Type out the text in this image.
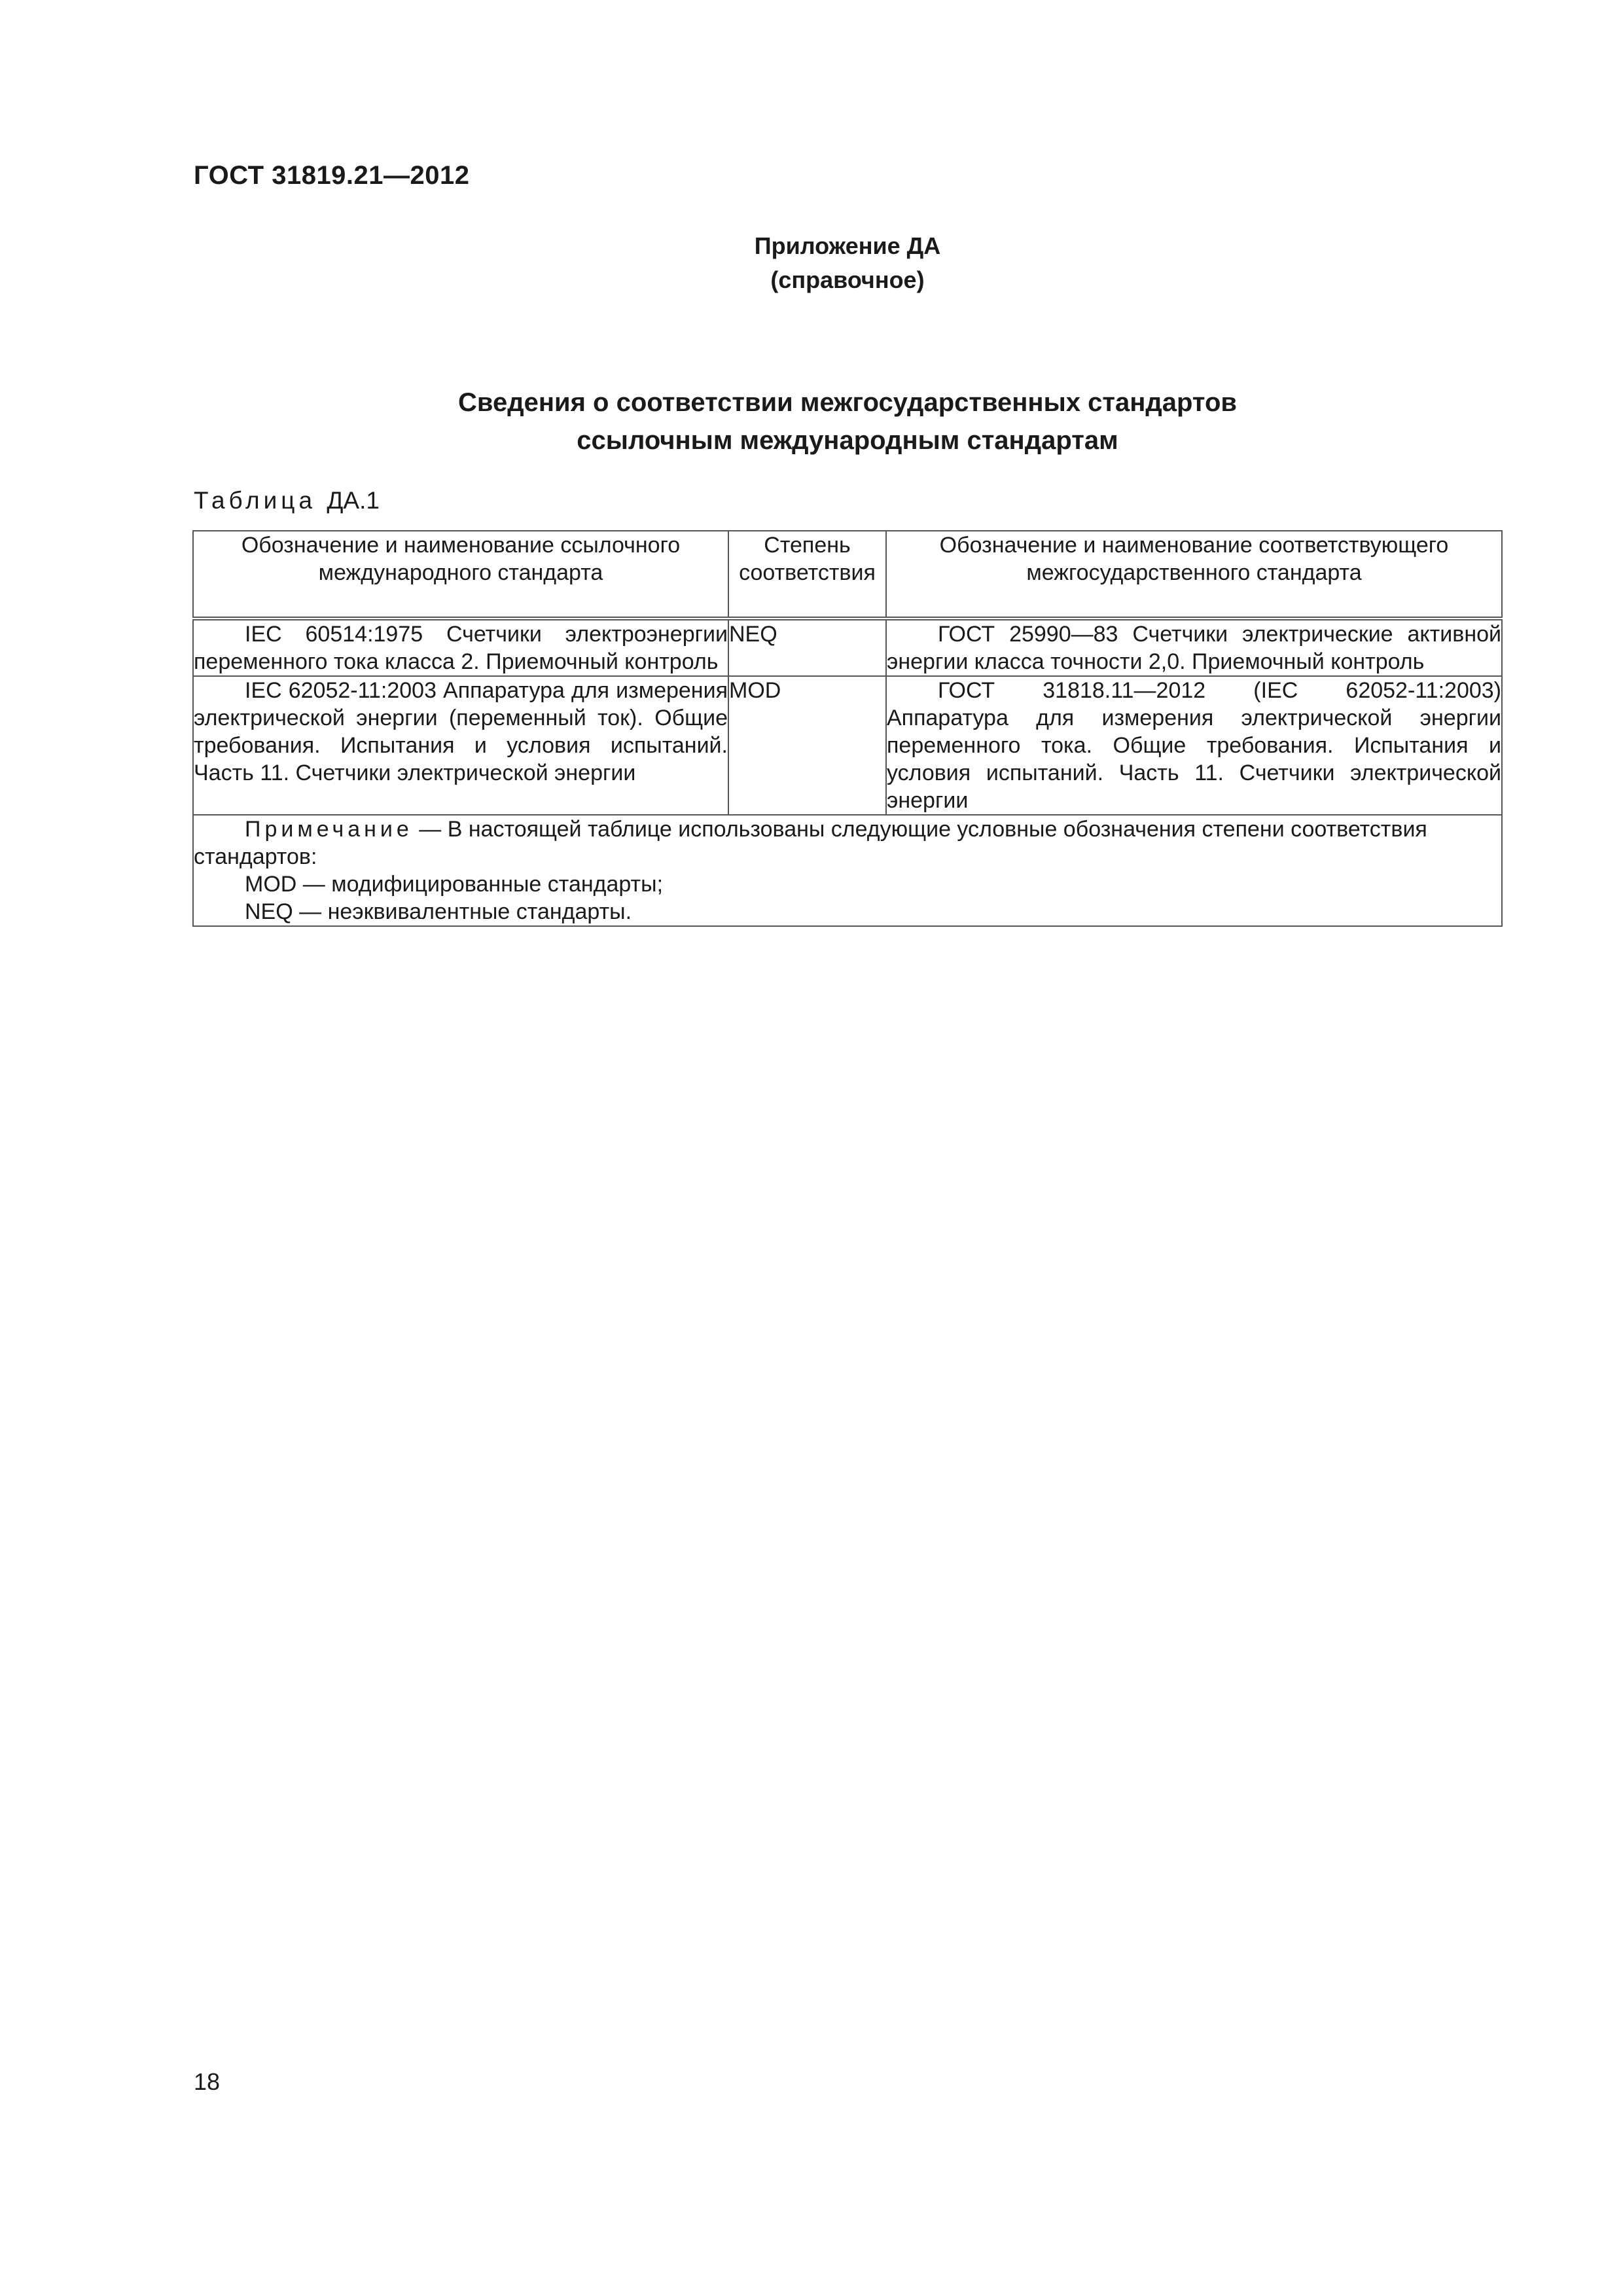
ГОСТ 31819.21—2012
Приложение ДА
(справочное)
Сведения о соответствии межгосударственных стандартов
ссылочным международным стандартам
Таблица ДА.1
Обозначение и наименование ссылочного международного стандарта	Степень соответствия	Обозначение и наименование соответствующего межгосударственного стандарта
IEC 60514:1975 Счетчики электроэнергии переменного тока класса 2. Приемочный контроль	NEQ	ГОСТ 25990—83 Счетчики электрические активной энергии класса точности 2,0. Приемочный контроль
IEC 62052-11:2003 Аппаратура для измерения электрической энергии (переменный ток). Общие требования. Испытания и условия испытаний. Часть 11. Счетчики электрической энергии	MOD	ГОСТ 31818.11—2012 (IEC 62052-11:2003) Аппаратура для измерения электрической энергии переменного тока. Общие требования. Испытания и условия испытаний. Часть 11. Счетчики электрической энергии

Примечание — В настоящей таблице использованы следующие условные обозначения степени соответствия стандартов:
MOD — модифицированные стандарты;
NEQ — неэквивалентные стандарты.		
18
